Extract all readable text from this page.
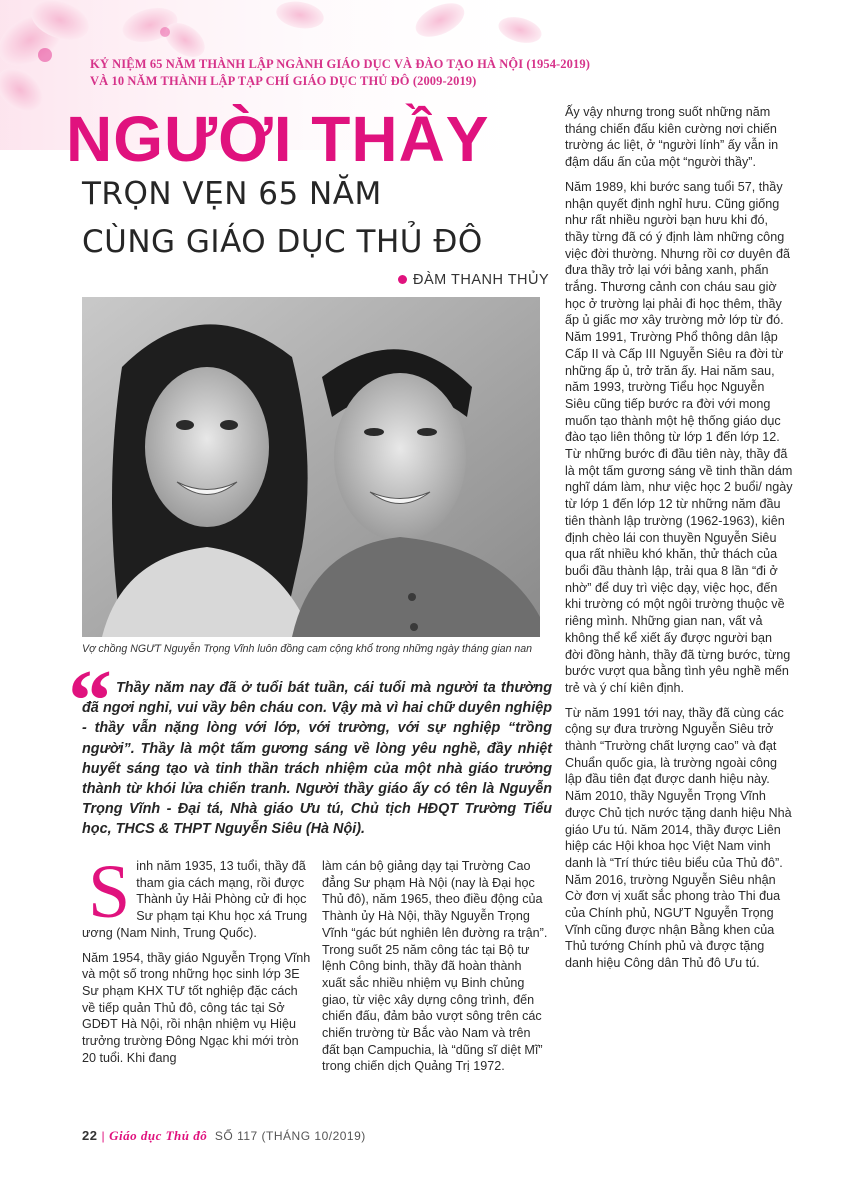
KỶ NIỆM 65 NĂM THÀNH LẬP NGÀNH GIÁO DỤC VÀ ĐÀO TẠO HÀ NỘI (1954-2019)
VÀ 10 NĂM THÀNH LẬP TẠP CHÍ GIÁO DỤC THỦ ĐÔ (2009-2019)
NGƯỜI THẦY
TRỌN VẸN 65 NĂM
CÙNG GIÁO DỤC THỦ ĐÔ
ĐÀM THANH THỦY
Vợ chồng NGƯT Nguyễn Trọng Vĩnh luôn đồng cam cộng khổ trong những ngày tháng gian nan
“ Thầy năm nay đã ở tuổi bát tuần, cái tuổi mà người ta thường đã ngơi nghỉ, vui vầy bên cháu con. Vậy mà vì hai chữ duyên nghiệp - thầy vẫn nặng lòng với lớp, với trường, với sự nghiệp “trồng người”. Thầy là một tấm gương sáng về lòng yêu nghề, đầy nhiệt huyết sáng tạo và tinh thần trách nhiệm của một nhà giáo trưởng thành từ khói lửa chiến tranh. Người thầy giáo ấy có tên là Nguyễn Trọng Vĩnh - Đại tá, Nhà giáo Ưu tú, Chủ tịch HĐQT Trường Tiểu học, THCS & THPT Nguyễn Siêu (Hà Nội).

Sinh năm 1935, 13 tuổi, thầy đã tham gia cách mạng, rồi được Thành ủy Hải Phòng cử đi học Sư phạm tại Khu học xá Trung ương (Nam Ninh, Trung Quốc).

Năm 1954, thầy giáo Nguyễn Trọng Vĩnh và một số trong những học sinh lớp 3E Sư phạm KHX TƯ tốt nghiệp đặc cách về tiếp quản Thủ đô, công tác tại Sở GDĐT Hà Nội, rồi nhận nhiệm vụ Hiệu trưởng trường Đông Ngạc khi mới tròn 20 tuổi. Khi đang

làm cán bộ giảng dạy tại Trường Cao đẳng Sư phạm Hà Nội (nay là Đại học Thủ đô), năm 1965, theo điều động của Thành ủy Hà Nội, thầy Nguyễn Trọng Vĩnh “gác bút nghiên lên đường ra trận”. Trong suốt 25 năm công tác tại Bộ tư lệnh Công binh, thầy đã hoàn thành xuất sắc nhiều nhiệm vụ Binh chủng giao, từ việc xây dựng công trình, đến chiến đấu, đảm bảo vượt sông trên các chiến trường từ Bắc vào Nam và trên đất bạn Campuchia, là “dũng sĩ diệt Mĩ” trong chiến dịch Quảng Trị 1972.

Ấy vậy nhưng trong suốt những năm tháng chiến đấu kiên cường nơi chiến trường ác liệt, ở “người lính” ấy vẫn in đậm dấu ấn của một “người thầy”.

Năm 1989, khi bước sang tuổi 57, thầy nhận quyết định nghỉ hưu. Cũng giống như rất nhiều người bạn hưu khi đó, thầy từng đã có ý định làm những công việc đời thường. Nhưng rồi cơ duyên đã đưa thầy trở lại với bảng xanh, phấn trắng. Thương cảnh con cháu sau giờ học ở trường lại phải đi học thêm, thầy ấp ủ giấc mơ xây trường mở lớp từ đó. Năm 1991, Trường Phổ thông dân lập Cấp II và Cấp III Nguyễn Siêu ra đời từ những ấp ủ, trở trăn ấy. Hai năm sau, năm 1993, trường Tiểu học Nguyễn Siêu cũng tiếp bước ra đời với mong muốn tạo thành một hệ thống giáo dục đào tạo liên thông từ lớp 1 đến lớp 12. Từ những bước đi đầu tiên này, thầy đã là một tấm gương sáng về tinh thần dám nghĩ dám làm, như việc học 2 buổi/ ngày từ lớp 1 đến lớp 12 từ những năm đầu tiên thành lập trường (1962-1963), kiên định chèo lái con thuyền Nguyễn Siêu qua rất nhiều khó khăn, thử thách của buổi đầu thành lập, trải qua 8 lần “đi ở nhờ” để duy trì việc dạy, việc học, đến khi trường có một ngôi trường thuộc về riêng mình. Những gian nan, vất vả không thể kể xiết ấy được người bạn đời đồng hành, thầy đã từng bước, từng bước vượt qua bằng tình yêu nghề mến trẻ và ý chí kiên định.

Từ năm 1991 tới nay, thầy đã cùng các cộng sự đưa trường Nguyễn Siêu trở thành “Trường chất lượng cao” và đạt Chuẩn quốc gia, là trường ngoài công lập đầu tiên đạt được danh hiệu này. Năm 2010, thầy Nguyễn Trọng Vĩnh được Chủ tịch nước tặng danh hiệu Nhà giáo Ưu tú. Năm 2014, thầy được Liên hiệp các Hội khoa học Việt Nam vinh danh là “Trí thức tiêu biểu của Thủ đô”. Năm 2016, trường Nguyễn Siêu nhận Cờ đơn vị xuất sắc phong trào Thi đua của Chính phủ, NGƯT Nguyễn Trọng Vĩnh cũng được nhận Bằng khen của Thủ tướng Chính phủ và được tặng danh hiệu Công dân Thủ đô Ưu tú.

22 | Giáo dục Thủ đô SỐ 117 (THÁNG 10/2019)
